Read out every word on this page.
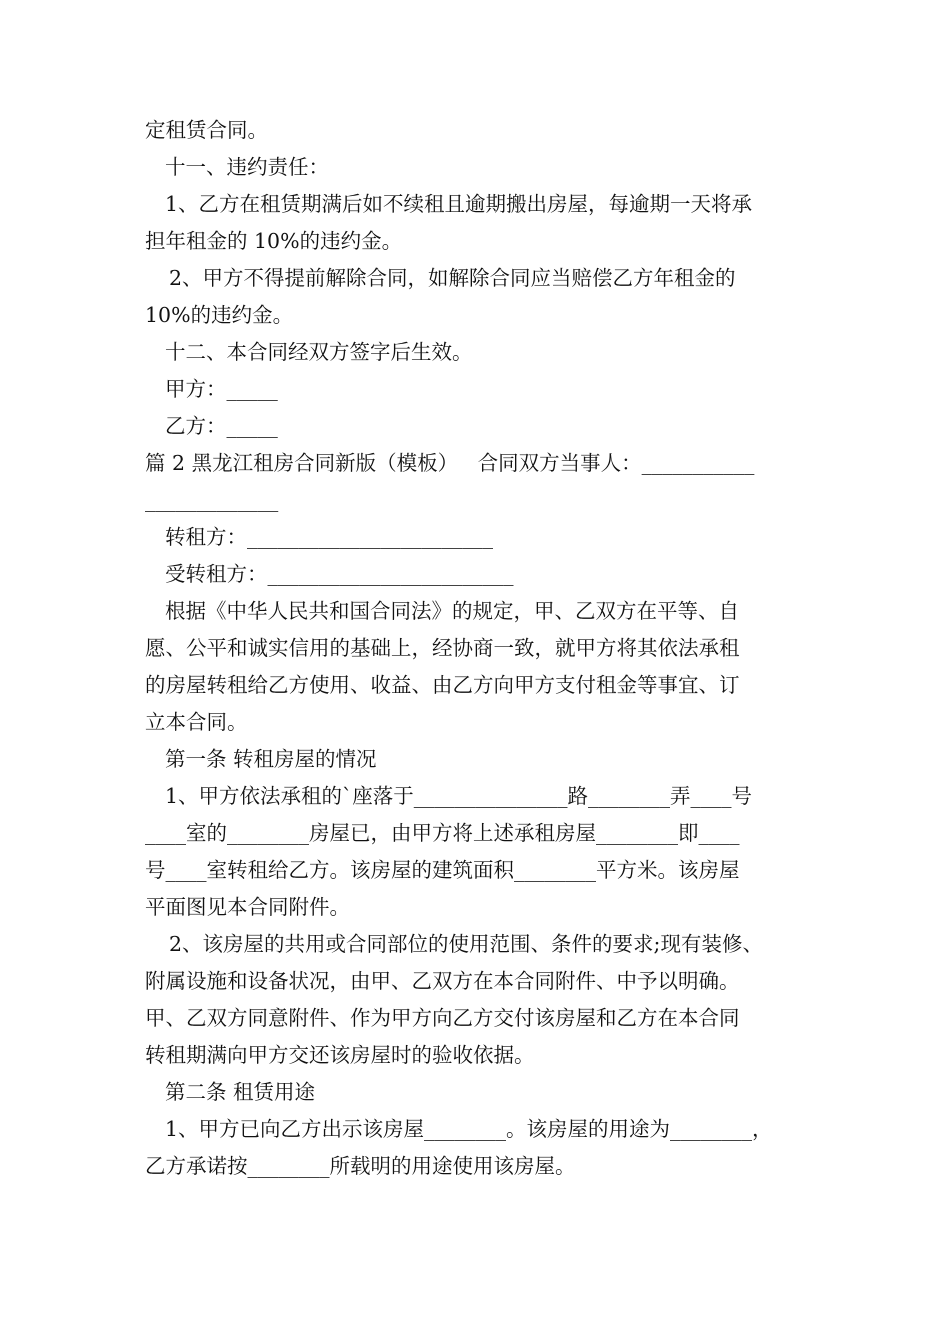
定租赁合同。

十一、违约责任：

1、乙方在租赁期满后如不续租且逾期搬出房屋，每逾期一天将承

担年租金的 10%的违约金。

2、甲方不得提前解除合同，如解除合同应当赔偿乙方年租金的

10%的违约金。

十二、本合同经双方签字后生效。

甲方：_____

乙方：_____

篇 2 黑龙江租房合同新版（模板）   合同双方当事人：___________

_____________

转租方：________________________

受转租方：________________________

根据《中华人民共和国合同法》的规定，甲、乙双方在平等、自

愿、公平和诚实信用的基础上，经协商一致，就甲方将其依法承租

的房屋转租给乙方使用、收益、由乙方向甲方支付租金等事宜、订

立本合同。

第一条 转租房屋的情况

1、甲方依法承租的`座落于_______________路________弄____号

____室的________房屋已，由甲方将上述承租房屋________即____

号____室转租给乙方。该房屋的建筑面积________平方米。该房屋

平面图见本合同附件。

2、该房屋的共用或合同部位的使用范围、条件的要求;现有装修、

附属设施和设备状况，由甲、乙双方在本合同附件、中予以明确。

甲、乙双方同意附件、作为甲方向乙方交付该房屋和乙方在本合同

转租期满向甲方交还该房屋时的验收依据。

第二条 租赁用途

1、甲方已向乙方出示该房屋________。该房屋的用途为________，

乙方承诺按________所载明的用途使用该房屋。
